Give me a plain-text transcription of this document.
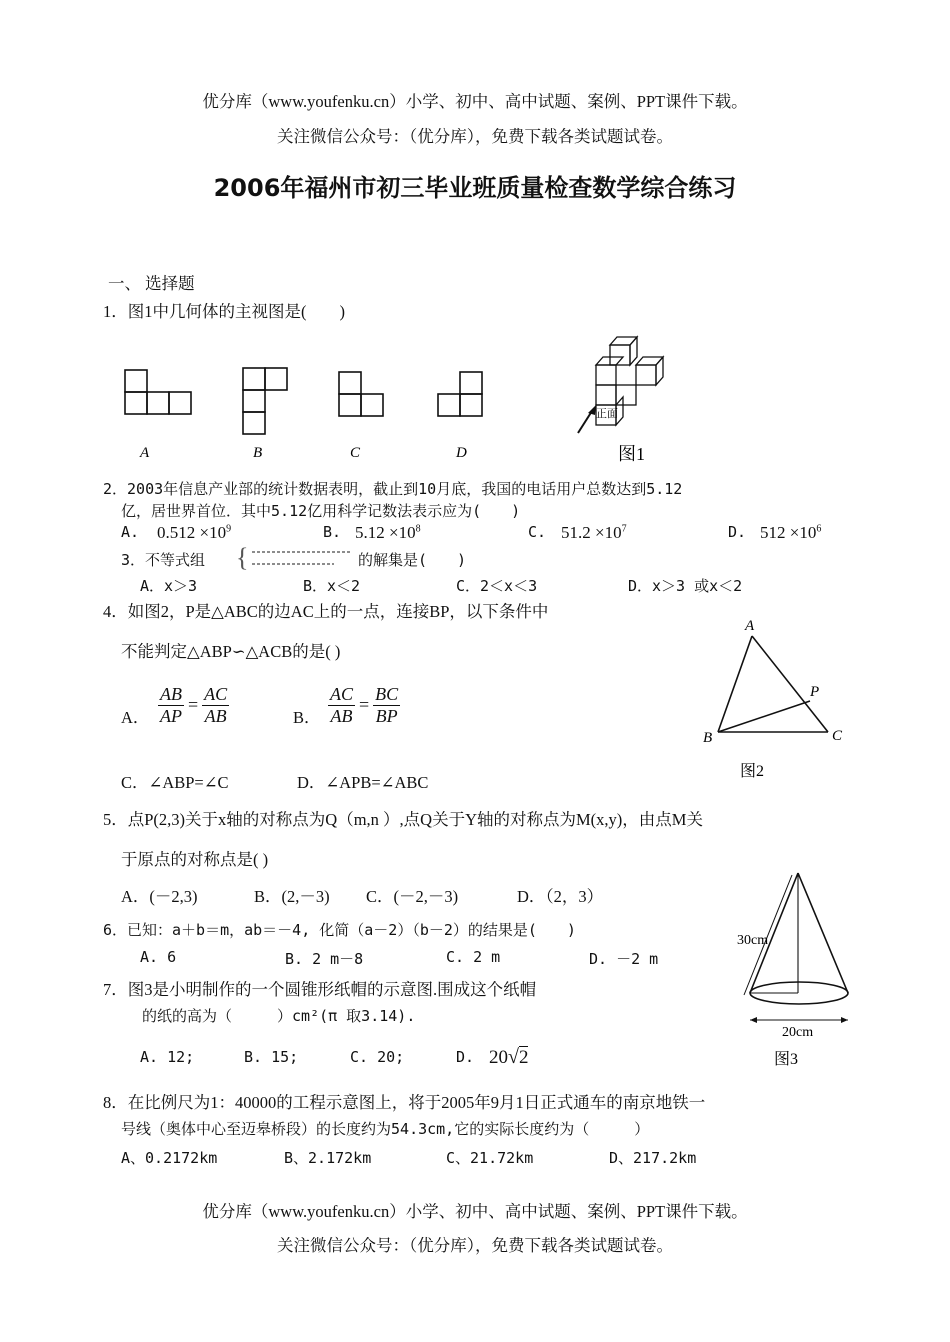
优分库（www.youfenku.cn）小学、初中、高中试题、案例、PPT课件下载。
关注微信公众号：（优分库），免费下载各类试题试卷。
2006年福州市初三毕业班质量检查数学综合练习
一、 选择题
1．图1中几何体的主视图是(　　)
A	B	C	D
正面
图1
2．2003年信息产业部的统计数据表明，截止到10月底，我国的电话用户总数达到5.12
亿，居世界首位．其中5.12亿用科学记数法表示应为(　　)
A. $0.512 \times 10^9$	B. $5.12 \times 10^8$	C. $51.2 \times 10^7$	D. $512 \times 10^6$
3．不等式组 {	的解集是(　　)
A．x＞3	B．x＜2	C．2＜x＜3	D．x＞3 或x＜2
4．如图2，P是△ABC的边AC上的一点，连接BP，以下条件中
不能判定△ABP∽△ACB的是( )
A． $\frac{AB}{AP} = \frac{AC}{AB}$	B． $\frac{AC}{AB} = \frac{BC}{BP}$
C．∠ABP=∠C	D．∠APB=∠ABC
A
B	C
P
图2
5．点P(2,3)关于x轴的对称点为Q（m,n ）,点Q关于Y轴的对称点为M(x,y)，由点M关
于原点的对称点是( )
A．(－2,3)	B．(2,－3) C．(－2,－3)	D．（2，3）
6．已知：a＋b＝m，ab＝－4, 化简（a－2）（b－2）的结果是(　　)
A. 6	B. 2 m－8	C. 2 m	D. －2 m
7．图3是小明制作的一个圆锥形纸帽的示意图.围成这个纸帽
的纸的高为（　　　）cm²(π 取3.14).
A. 12;	B. 15;	C. 20;	D. 20√2
30cm
20cm
图3
8．在比例尺为1：40000的工程示意图上，将于2005年9月1日正式通车的南京地铁一
号线（奥体中心至迈皋桥段）的长度约为54.3cm,它的实际长度约为（　　　）
A、0.2172km	B、2.172km	C、21.72km	D、217.2km
优分库（www.youfenku.cn）小学、初中、高中试题、案例、PPT课件下载。
关注微信公众号：（优分库），免费下载各类试题试卷。
